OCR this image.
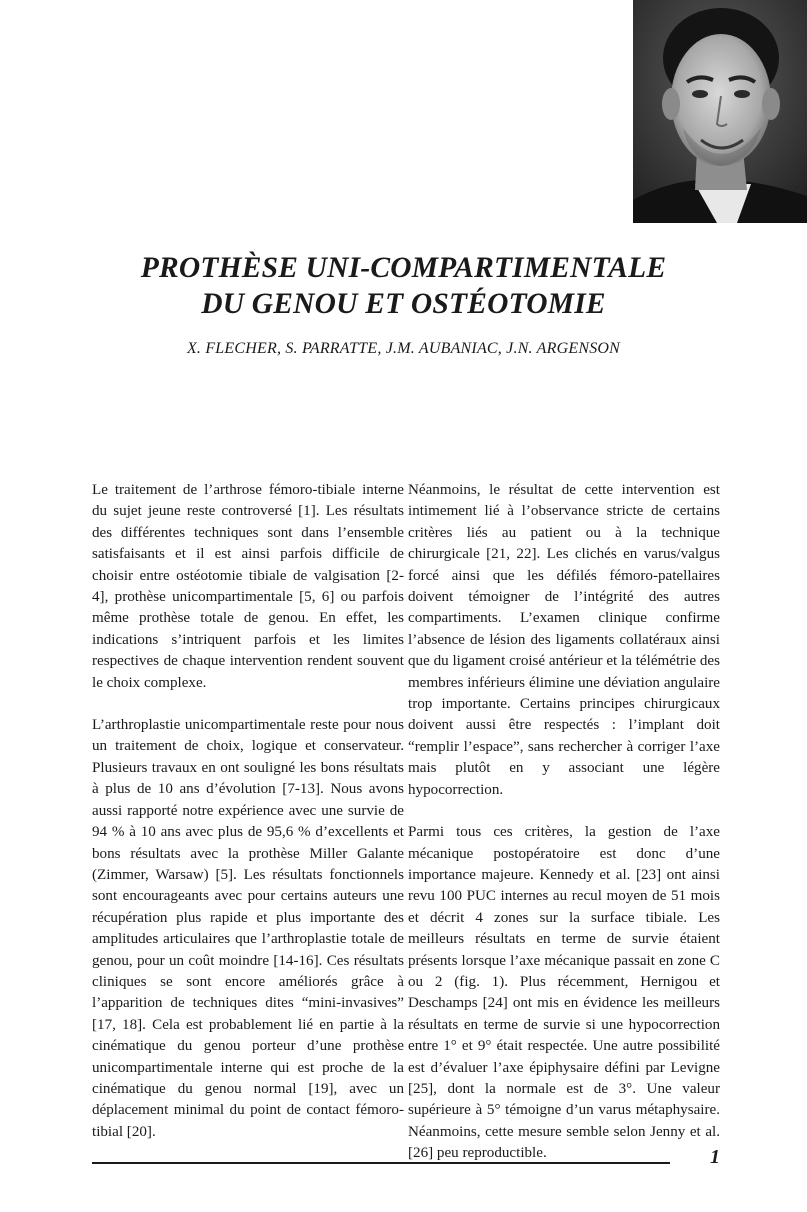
PROTHÈSE UNI-COMPARTIMENTALE
DU GENOU ET OSTÉOTOMIE

X. FLECHER, S. PARRATTE, J.M. AUBANIAC, J.N. ARGENSON

Le traitement de l’arthrose fémoro-tibiale interne du sujet jeune reste controversé [1]. Les résultats des différentes techniques sont dans l’ensemble satisfaisants et il est ainsi parfois difficile de choisir entre ostéotomie tibiale de valgisation [2-4], prothèse unicompartimentale [5, 6] ou parfois même prothèse totale de genou. En effet, les indications s’intriquent parfois et les limites respectives de chaque intervention rendent souvent le choix complexe.

L’arthroplastie unicompartimentale reste pour nous un traitement de choix, logique et conservateur. Plusieurs travaux en ont souligné les bons résultats à plus de 10 ans d’évolution [7-13]. Nous avons aussi rapporté notre expérience avec une survie de 94 % à 10 ans avec plus de 95,6 % d’excellents et bons résultats avec la prothèse Miller Galante (Zimmer, Warsaw) [5]. Les résultats fonctionnels sont encourageants avec pour certains auteurs une récupération plus rapide et plus importante des amplitudes articulaires que l’arthroplastie totale de genou, pour un coût moindre [14-16]. Ces résultats cliniques se sont encore améliorés grâce à l’apparition de techniques dites “mini-invasives” [17, 18]. Cela est probablement lié en partie à la cinématique du genou porteur d’une prothèse unicompartimentale interne qui est proche de la cinématique du genou normal [19], avec un déplacement minimal du point de contact fémoro-tibial [20].

Néanmoins, le résultat de cette intervention est intimement lié à l’observance stricte de certains critères liés au patient ou à la technique chirurgicale [21, 22]. Les clichés en varus/valgus forcé ainsi que les défilés fémoro-patellaires doivent témoigner de l’intégrité des autres compartiments. L’examen clinique confirme l’absence de lésion des ligaments collatéraux ainsi que du ligament croisé antérieur et la télémétrie des membres inférieurs élimine une déviation angulaire trop importante. Certains principes chirurgicaux doivent aussi être respectés : l’implant doit “remplir l’espace”, sans rechercher à corriger l’axe mais plutôt en y associant une légère hypocorrection.

Parmi tous ces critères, la gestion de l’axe mécanique postopératoire est donc d’une importance majeure. Kennedy et al. [23] ont ainsi revu 100 PUC internes au recul moyen de 51 mois et décrit 4 zones sur la surface tibiale. Les meilleurs résultats en terme de survie étaient présents lorsque l’axe mécanique passait en zone C ou 2 (fig. 1). Plus récemment, Hernigou et Deschamps [24] ont mis en évidence les meilleurs résultats en terme de survie si une hypocorrection entre 1° et 9° était respectée. Une autre possibilité est d’évaluer l’axe épiphysaire défini par Levigne [25], dont la normale est de 3°. Une valeur supérieure à 5° témoigne d’un varus métaphysaire. Néanmoins, cette mesure semble selon Jenny et al. [26] peu reproductible.	1
